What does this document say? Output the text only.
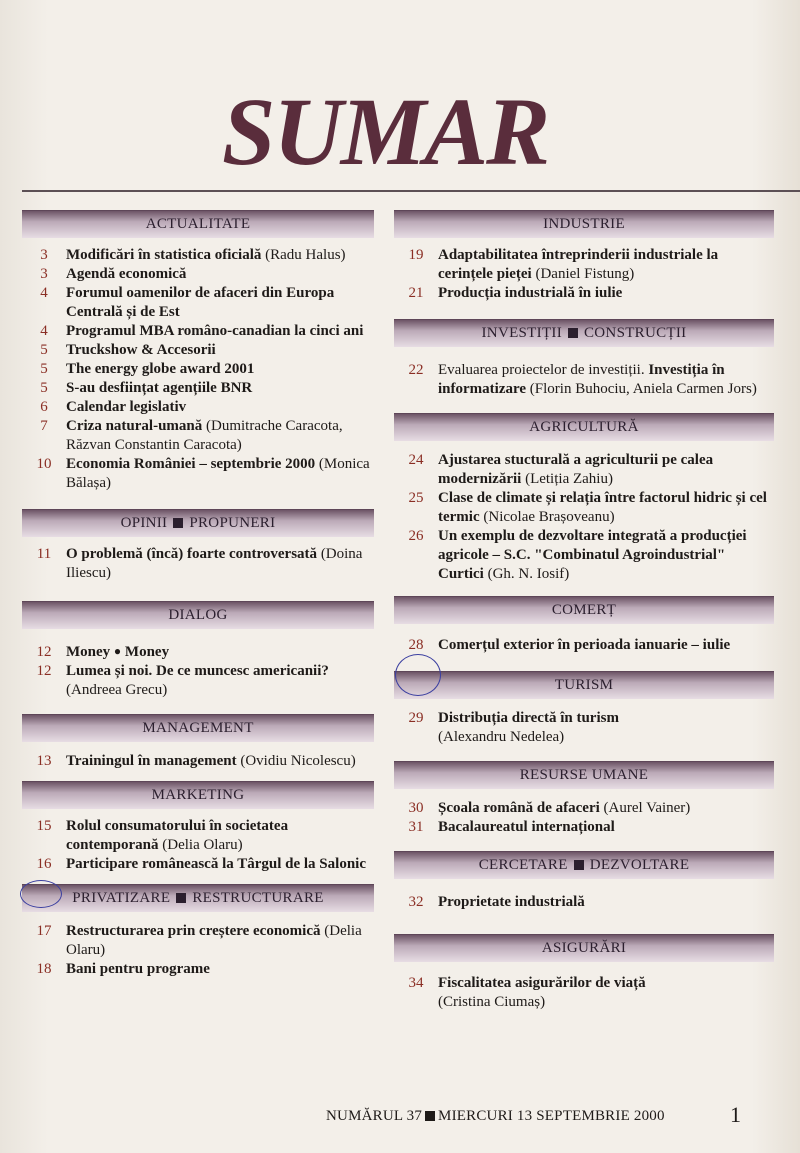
SUMAR
ACTUALITATE
3	Modificări în statistica oficială (Radu Halus)
3	Agendă economică
4	Forumul oamenilor de afaceri din Europa Centrală și de Est
4	Programul MBA româno-canadian la cinci ani
5	Truckshow & Accesorii
5	The energy globe award 2001
5	S-au desființat agențiile BNR
6	Calendar legislativ
7	Criza natural-umană (Dumitrache Caracota, Răzvan Constantin Caracota)
10 Economia României – septembrie 2000 (Monica Bălașa)
OPINII PROPUNERI
11 O problemă (încă) foarte controversată (Doina Iliescu)
DIALOG
12 Money ● Money
12 Lumea și noi. De ce muncesc americanii? (Andreea Grecu)
MANAGEMENT
13 Trainingul în management (Ovidiu Nicolescu)
MARKETING
15 Rolul consumatorului în societatea contemporană (Delia Olaru)
16 Participare românească la Târgul de la Salonic
PRIVATIZARE RESTRUCTURARE
17 Restructurarea prin creștere economică (Delia Olaru)
18 Bani pentru programe
INDUSTRIE
19 Adaptabilitatea întreprinderii industriale la cerințele pieței (Daniel Fistung)
21 Producția industrială în iulie
INVESTIȚII CONSTRUCȚII
22 Evaluarea proiectelor de investiții. Investiția în informatizare (Florin Buhociu, Aniela Carmen Jors)
AGRICULTURĂ
24 Ajustarea stucturală a agriculturii pe calea modernizării (Letiția Zahiu)
25 Clase de climate și relația între factorul hidric și cel termic (Nicolae Brașoveanu)
26 Un exemplu de dezvoltare integrată a producției agricole – S.C. "Combinatul Agroindustrial" Curtici (Gh. N. Iosif)
COMERȚ
28 Comerțul exterior în perioada ianuarie – iulie
TURISM
29 Distribuția directă în turism
(Alexandru Nedelea)
RESURSE UMANE
30 Școala română de afaceri (Aurel Vainer)
31 Bacalaureatul internațional
CERCETARE DEZVOLTARE
32 Proprietate industrială
ASIGURĂRI
34 Fiscalitatea asigurărilor de viață
(Cristina Ciumaș)
NUMĂRUL 37 MIERCURI 13 SEPTEMBRIE 2000	1
